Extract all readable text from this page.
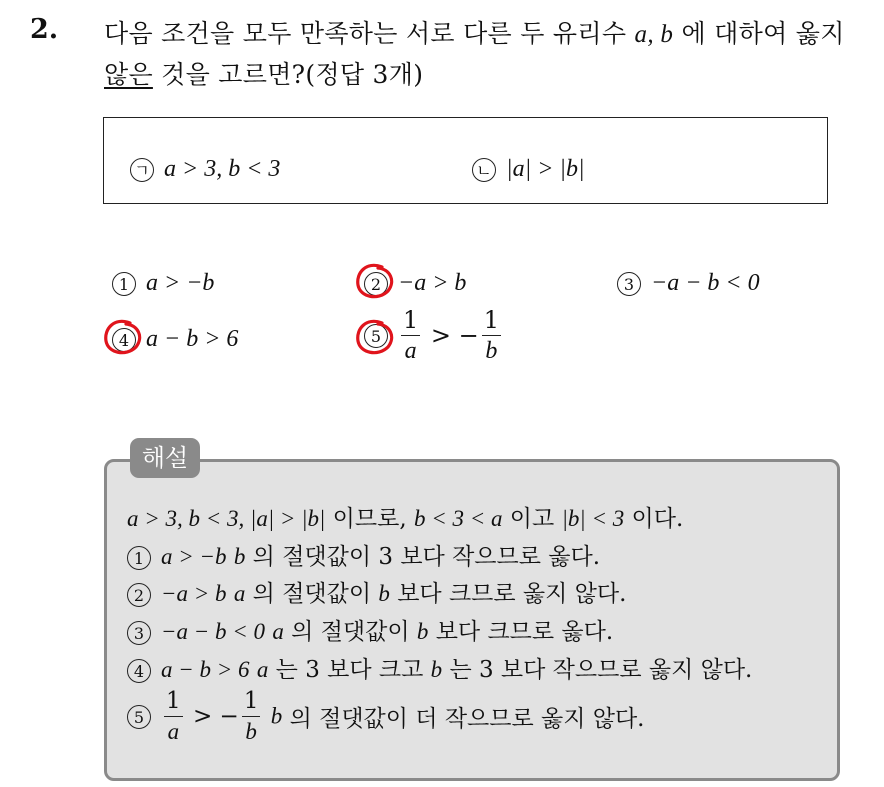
2. 다음 조건을 모두 만족하는 서로 다른 두 유리수 a, b 에 대하여 옳지
않은 것을 고르면?(정답 3개)
ㄱ a > 3, b < 3	ㄴ |a| > |b|
1 a > −b	2 −a > b	3 −a − b < 0
4 a − b > 6	$5 \frac{1}{a}$ > − $\frac{1}{b}$
a > 3, b < 3, |a| > |b| 이므로, b < 3 < a 이고 |b| < 3 이다.
1 a > −b b 의 절댓값이 3 보다 작으므로 옳다.
2 −a > b a 의 절댓값이 b 보다 크므로 옳지 않다.
3 −a − b < 0 a 의 절댓값이 b 보다 크므로 옳다.
4 a − b > 6 a 는 3 보다 크고 b 는 3 보다 작으므로 옳지 않다.
$5 \frac{1}{a}$ > − $\frac{1}{b}$ b 의 절댓값이 더 작으므로 옳지 않다.
해설
